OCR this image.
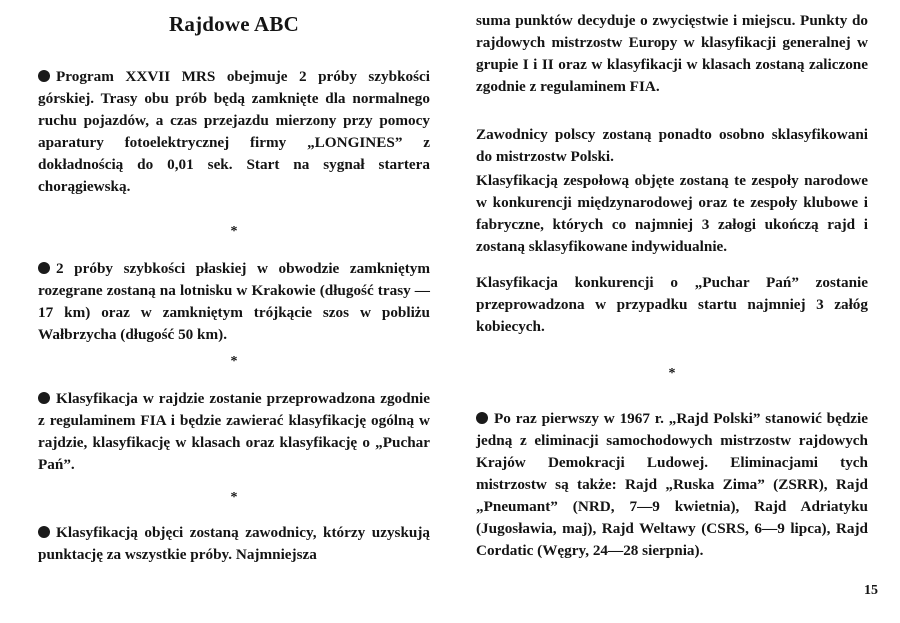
Rajdowe ABC

Program XXVII MRS obejmuje 2 próby szybkości górskiej. Trasy obu prób będą zamknięte dla normalnego ruchu pojazdów, a czas przejazdu mierzony przy pomocy aparatury fotoelektrycznej firmy „LONGINES” z dokładnością do 0,01 sek. Start na sygnał startera chorągiewską.

*

2 próby szybkości płaskiej w obwodzie zamkniętym rozegrane zostaną na lotnisku w Krakowie (długość trasy — 17 km) oraz w zamkniętym trójkącie szos w pobliżu Wałbrzycha (długość 50 km).

*

Klasyfikacja w rajdzie zostanie przeprowadzona zgodnie z regulaminem FIA i będzie zawierać klasyfikację ogólną w rajdzie, klasyfikację w klasach oraz klasyfikację o „Puchar Pań”.

*

Klasyfikacją objęci zostaną zawodnicy, którzy uzyskują punktację za wszystkie próby. Najmniejsza

suma punktów decyduje o zwycięstwie i miejscu. Punkty do rajdowych mistrzostw Europy w klasyfikacji generalnej w grupie I i II oraz w klasyfikacji w klasach zostaną zaliczone zgodnie z regulaminem FIA.

Zawodnicy polscy zostaną ponadto osobno sklasyfikowani do mistrzostw Polski.

Klasyfikacją zespołową objęte zostaną te zespoły narodowe w konkurencji międzynarodowej oraz te zespoły klubowe i fabryczne, których co najmniej 3 załogi ukończą rajd i zostaną sklasyfikowane indywidualnie.

Klasyfikacja konkurencji o „Puchar Pań” zostanie przeprowadzona w przypadku startu najmniej 3 załóg kobiecych.

*

Po raz pierwszy w 1967 r. „Rajd Polski” stanowić będzie jedną z eliminacji samochodowych mistrzostw rajdowych Krajów Demokracji Ludowej. Eliminacjami tych mistrzostw są także: Rajd „Ruska Zima” (ZSRR), Rajd „Pneumant” (NRD, 7—9 kwietnia), Rajd Adriatyku (Jugosławia, maj), Rajd Weltawy (CSRS, 6—9 lipca), Rajd Cordatic (Węgry, 24—28 sierpnia).

15
